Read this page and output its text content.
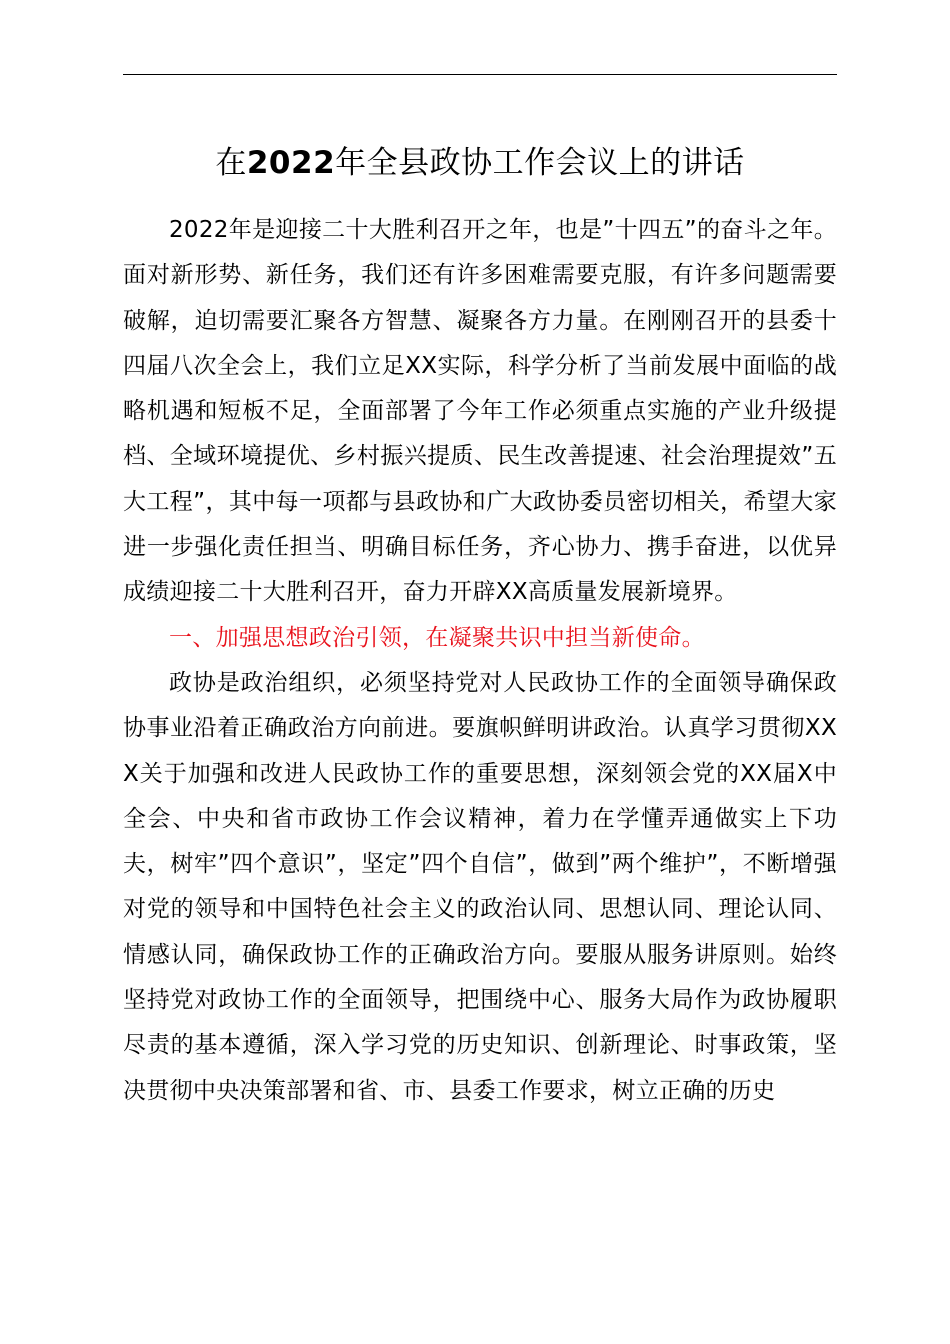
在2022年全县政协工作会议上的讲话

2022年是迎接二十大胜利召开之年，也是”十四五”的奋斗之年。面对新形势、新任务，我们还有许多困难需要克服，有许多问题需要破解，迫切需要汇聚各方智慧、凝聚各方力量。在刚刚召开的县委十四届八次全会上，我们立足XX实际，科学分析了当前发展中面临的战略机遇和短板不足，全面部署了今年工作必须重点实施的产业升级提档、全域环境提优、乡村振兴提质、民生改善提速、社会治理提效”五大工程”，其中每一项都与县政协和广大政协委员密切相关，希望大家进一步强化责任担当、明确目标任务，齐心协力、携手奋进，以优异成绩迎接二十大胜利召开，奋力开辟XX高质量发展新境界。

一、加强思想政治引领，在凝聚共识中担当新使命。

政协是政治组织，必须坚持党对人民政协工作的全面领导确保政协事业沿着正确政治方向前进。要旗帜鲜明讲政治。认真学习贯彻XXX关于加强和改进人民政协工作的重要思想，深刻领会党的XX届X中全会、中央和省市政协工作会议精神，着力在学懂弄通做实上下功夫，树牢”四个意识”，坚定”四个自信”，做到”两个维护”，不断增强对党的领导和中国特色社会主义的政治认同、思想认同、理论认同、情感认同，确保政协工作的正确政治方向。要服从服务讲原则。始终坚持党对政协工作的全面领导，把围绕中心、服务大局作为政协履职尽责的基本遵循，深入学习党的历史知识、创新理论、时事政策，坚决贯彻中央决策部署和省、市、县委工作要求，树立正确的历史
